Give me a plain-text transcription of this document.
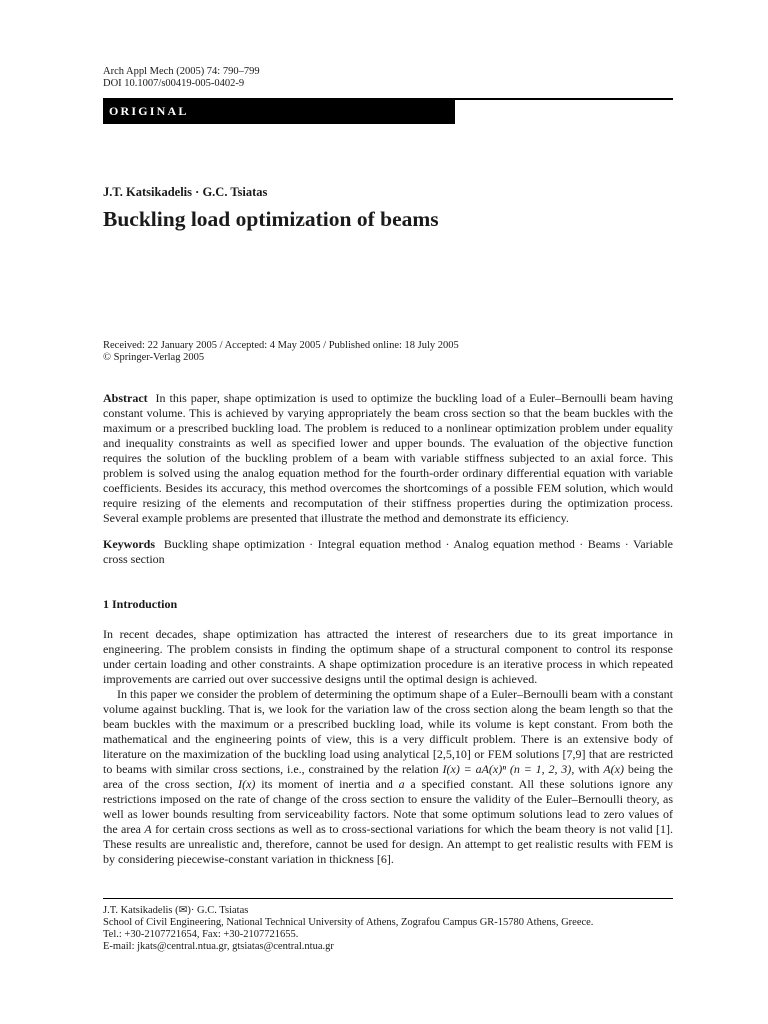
Arch Appl Mech (2005) 74: 790–799
DOI 10.1007/s00419-005-0402-9
ORIGINAL
J.T. Katsikadelis · G.C. Tsiatas
Buckling load optimization of beams
Received: 22 January 2005 / Accepted: 4 May 2005 / Published online: 18 July 2005
© Springer-Verlag 2005
Abstract In this paper, shape optimization is used to optimize the buckling load of a Euler–Bernoulli beam having constant volume. This is achieved by varying appropriately the beam cross section so that the beam buckles with the maximum or a prescribed buckling load. The problem is reduced to a nonlinear optimization problem under equality and inequality constraints as well as specified lower and upper bounds. The evaluation of the objective function requires the solution of the buckling problem of a beam with variable stiffness subjected to an axial force. This problem is solved using the analog equation method for the fourth-order ordinary differential equation with variable coefficients. Besides its accuracy, this method overcomes the shortcomings of a possible FEM solution, which would require resizing of the elements and recomputation of their stiffness properties during the optimization process. Several example problems are presented that illustrate the method and demonstrate its efficiency.
Keywords Buckling shape optimization · Integral equation method · Analog equation method · Beams · Variable cross section
1 Introduction
In recent decades, shape optimization has attracted the interest of researchers due to its great importance in engineering. The problem consists in finding the optimum shape of a structural component to control its response under certain loading and other constraints. A shape optimization procedure is an iterative process in which repeated improvements are carried out over successive designs until the optimal design is achieved.
In this paper we consider the problem of determining the optimum shape of a Euler–Bernoulli beam with a constant volume against buckling. That is, we look for the variation law of the cross section along the beam length so that the beam buckles with the maximum or a prescribed buckling load, while its volume is kept constant. From both the mathematical and the engineering points of view, this is a very difficult problem. There is an extensive body of literature on the maximization of the buckling load using analytical [2,5,10] or FEM solutions [7,9] that are restricted to beams with similar cross sections, i.e., constrained by the relation I(x) = aA(x)ⁿ (n = 1, 2, 3), with A(x) being the area of the cross section, I(x) its moment of inertia and a a specified constant. All these solutions ignore any restrictions imposed on the rate of change of the cross section to ensure the validity of the Euler–Bernoulli theory, as well as lower bounds resulting from serviceability factors. Note that some optimum solutions lead to zero values of the area A for certain cross sections as well as to cross-sectional variations for which the beam theory is not valid [1]. These results are unrealistic and, therefore, cannot be used for design. An attempt to get realistic results with FEM is by considering piecewise-constant variation in thickness [6].
J.T. Katsikadelis (✉)· G.C. Tsiatas
School of Civil Engineering, National Technical University of Athens, Zografou Campus GR-15780 Athens, Greece.
Tel.: +30-2107721654, Fax: +30-2107721655.
E-mail: jkats@central.ntua.gr, gtsiatas@central.ntua.gr
